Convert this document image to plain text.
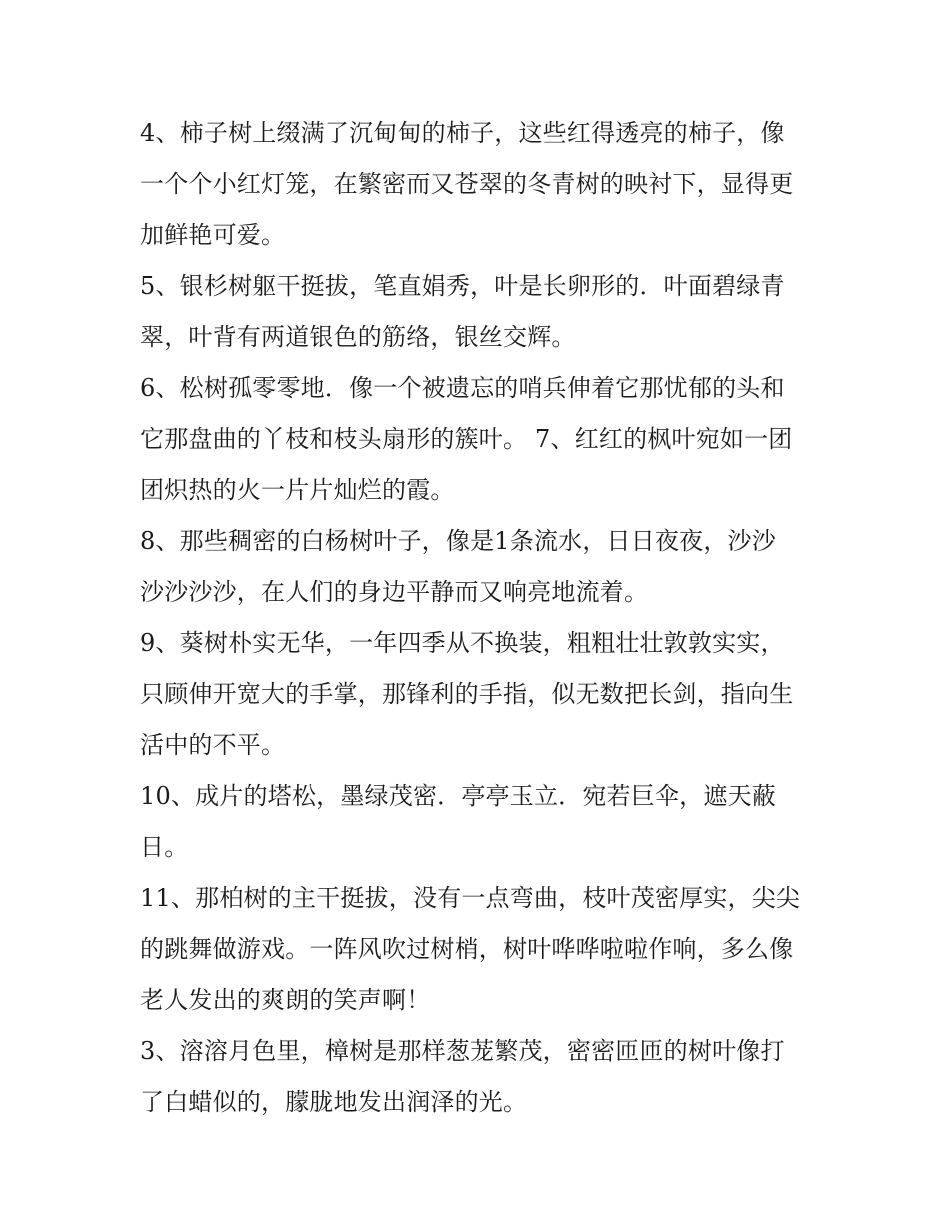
4、柿子树上缀满了沉甸甸的柿子，这些红得透亮的柿子，像
一个个小红灯笼，在繁密而又苍翠的冬青树的映衬下，显得更
加鲜艳可爱。
5、银杉树躯干挺拔，笔直娟秀，叶是长卵形的．叶面碧绿青
翠，叶背有两道银色的筋络，银丝交辉。
6、松树孤零零地．像一个被遗忘的哨兵伸着它那忧郁的头和
它那盘曲的丫枝和枝头扇形的簇叶。 7、红红的枫叶宛如一团
团炽热的火一片片灿烂的霞。
8、那些稠密的白杨树叶子，像是1条流水，日日夜夜，沙沙
沙沙沙沙，在人们的身边平静而又响亮地流着。
9、葵树朴实无华，一年四季从不换装，粗粗壮壮敦敦实实，
只顾伸开宽大的手掌，那锋利的手指，似无数把长剑，指向生
活中的不平。
10、成片的塔松，墨绿茂密．亭亭玉立．宛若巨伞，遮天蔽
日。
11、那柏树的主干挺拔，没有一点弯曲，枝叶茂密厚实，尖尖
的跳舞做游戏。一阵风吹过树梢，树叶哗哗啦啦作响，多么像
老人发出的爽朗的笑声啊！
3、溶溶月色里，樟树是那样葱茏繁茂，密密匝匝的树叶像打
了白蜡似的，朦胧地发出润泽的光。
